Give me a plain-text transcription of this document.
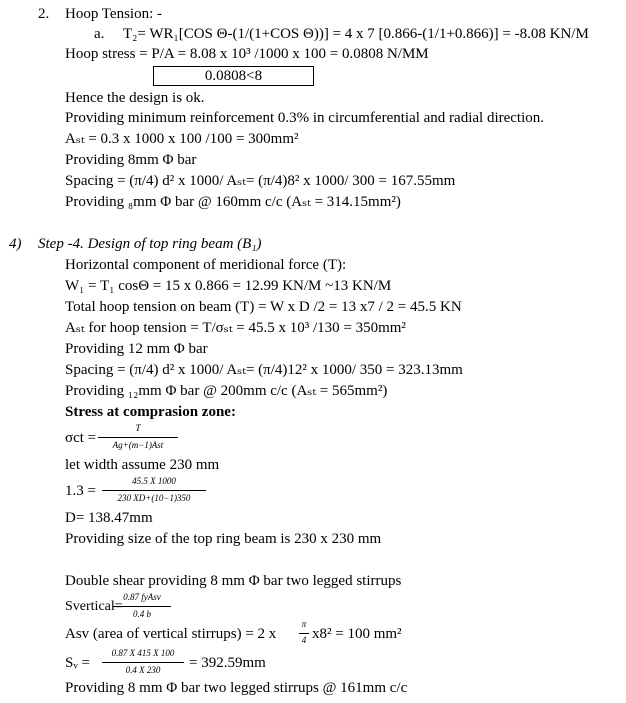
2. Hoop Tension: -
a. T₂= WR₁[COS Θ-(1/(1+COS Θ))] = 4 x 7 [0.866-(1/1+0.866)] = -8.08 KN/M
Hoop stress = P/A = 8.08 x 10³ /1000 x 100 = 0.0808 N/MM
0.0808<8
Hence the design is ok.
Providing minimum reinforcement 0.3% in circumferential and radial direction.
Aₛₜ = 0.3 x 1000 x 100 /100 = 300mm²
Providing 8mm Φ bar
Spacing = (π/4) d² x 1000/ Aₛₜ= (π/4)8² x 1000/ 300 = 167.55mm
Providing ₈mm Φ bar @ 160mm c/c (Aₛₜ = 314.15mm²)
4) Step -4. Design of top ring beam (B₁)
Horizontal component of meridional force (T):
W₁ = T₁ cosΘ = 15 x 0.866 = 12.99 KN/M ~13 KN/M
Total hoop tension on beam (T) = W x D /2 = 13 x7 / 2 = 45.5 KN
Aₛₜ for hoop tension = T/σₛₜ = 45.5 x 10³ /130 = 350mm²
Providing 12 mm Φ bar
Spacing = (π/4) d² x 1000/ Aₛₜ= (π/4)12² x 1000/ 350 = 323.13mm
Providing ₁₂mm Φ bar @ 200mm c/c (Aₛₜ = 565mm²)
Stress at comprasion zone:
σct =
T
Ag+(m−1)Ast
let width assume 230 mm
1.3 =
45.5 X 1000
230 XD+(10−1)350
D= 138.47mm
Providing size of the top ring beam is 230 x 230 mm
Double shear providing 8 mm Φ bar two legged stirrups
Svertical=
0.87 fyAsv
0.4 b
Asv (area of vertical stirrups) = 2 x
π
4 x8² = 100 mm²
Sᵥ =
0.87 X 415 X 100
0.4 X 230	= 392.59mm
Providing 8 mm Φ bar two legged stirrups @ 161mm c/c
